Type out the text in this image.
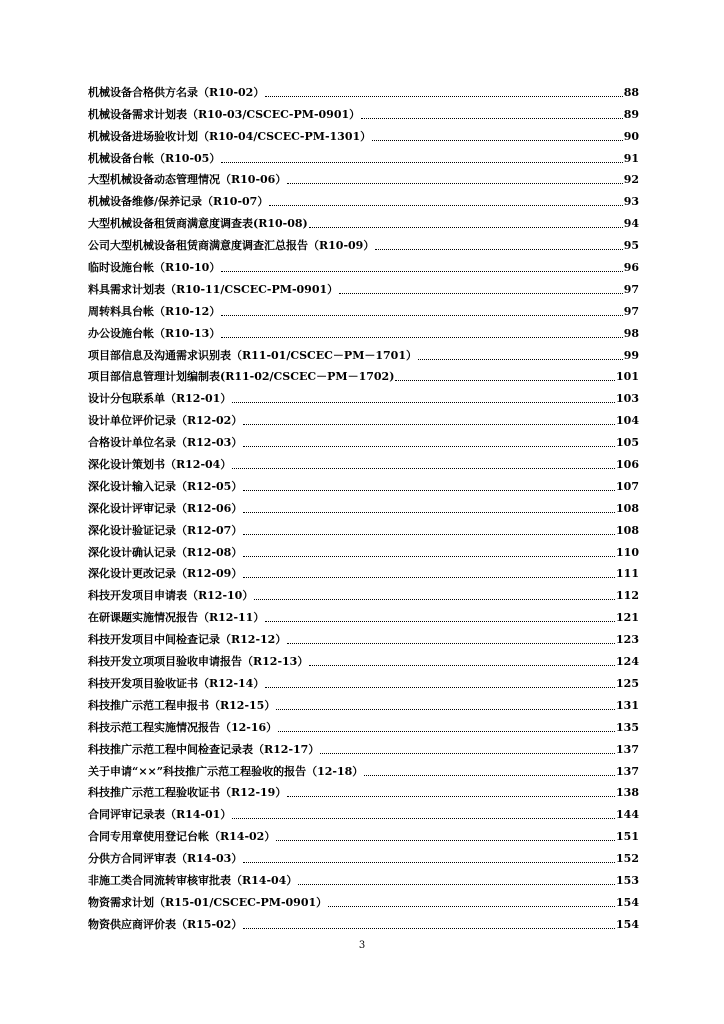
机械设备合格供方名录（R10-02）	88
机械设备需求计划表（R10-03/CSCEC-PM-0901）	89
机械设备进场验收计划（R10-04/CSCEC-PM-1301）	90
机械设备台帐（R10-05）	91
大型机械设备动态管理情况（R10-06）	92
机械设备维修/保养记录（R10-07）	93
大型机械设备租赁商满意度调查表(R10-08)	94
公司大型机械设备租赁商满意度调查汇总报告（R10-09）	95
临时设施台帐（R10-10）	96
料具需求计划表（R10-11/CSCEC-PM-0901）	97
周转料具台帐（R10-12）	97
办公设施台帐（R10-13）	98
项目部信息及沟通需求识别表（R11-01/CSCEC－PM－1701）	99
项目部信息管理计划编制表(R11-02/CSCEC－PM－1702)	101
设计分包联系单（R12-01）	103
设计单位评价记录（R12-02）	104
合格设计单位名录（R12-03）	105
深化设计策划书（R12-04）	106
深化设计输入记录（R12-05）	107
深化设计评审记录（R12-06）	108
深化设计验证记录（R12-07）	108
深化设计确认记录（R12-08）	110
深化设计更改记录（R12-09）	111
科技开发项目申请表（R12-10）	112
在研课题实施情况报告（R12-11）	121
科技开发项目中间检查记录（R12-12）	123
科技开发立项项目验收申请报告（R12-13）	124
科技开发项目验收证书（R12-14）	125
科技推广示范工程申报书（R12-15）	131
科技示范工程实施情况报告（12-16）	135
科技推广示范工程中间检查记录表（R12-17）	137
关于申请“××”科技推广示范工程验收的报告（12-18）	137
科技推广示范工程验收证书（R12-19）	138
合同评审记录表（R14-01）	144
合同专用章使用登记台帐（R14-02）	151
分供方合同评审表（R14-03）	152
非施工类合同流转审核审批表（R14-04）	153
物资需求计划（R15-01/CSCEC-PM-0901）	154
物资供应商评价表（R15-02）	154
3
